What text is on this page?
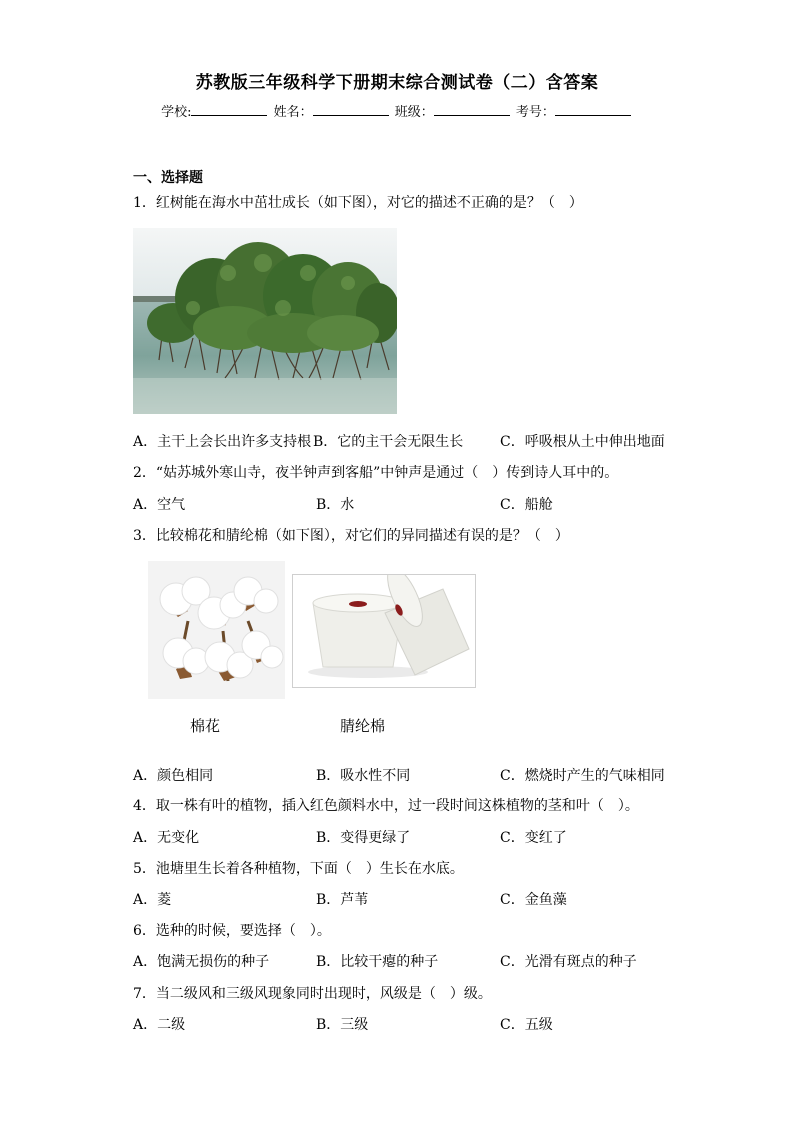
苏教版三年级科学下册期末综合测试卷（二）含答案
学校:	姓名：	班级：	考号：
一、选择题
1．红树能在海水中茁壮成长（如下图），对它的描述不正确的是？（　）
A．主干上会长出许多支持根 B．它的主干会无限生长	C．呼吸根从土中伸出地面
2．“姑苏城外寒山寺，夜半钟声到客船”中钟声是通过（　）传到诗人耳中的。
A．空气	B．水	C．船舱
3．比较棉花和腈纶棉（如下图），对它们的异同描述有误的是？（　）
棉花	腈纶棉
A．颜色相同	B．吸水性不同	C．燃烧时产生的气味相同
4．取一株有叶的植物，插入红色颜料水中，过一段时间这株植物的茎和叶（　）。
A．无变化	B．变得更绿了	C．变红了
5．池塘里生长着各种植物，下面（　）生长在水底。
A．菱	B．芦苇	C．金鱼藻
6．选种的时候，要选择（　）。
A．饱满无损伤的种子	B．比较干瘪的种子	C．光滑有斑点的种子
7．当二级风和三级风现象同时出现时，风级是（　）级。
A．二级	B．三级	C．五级
